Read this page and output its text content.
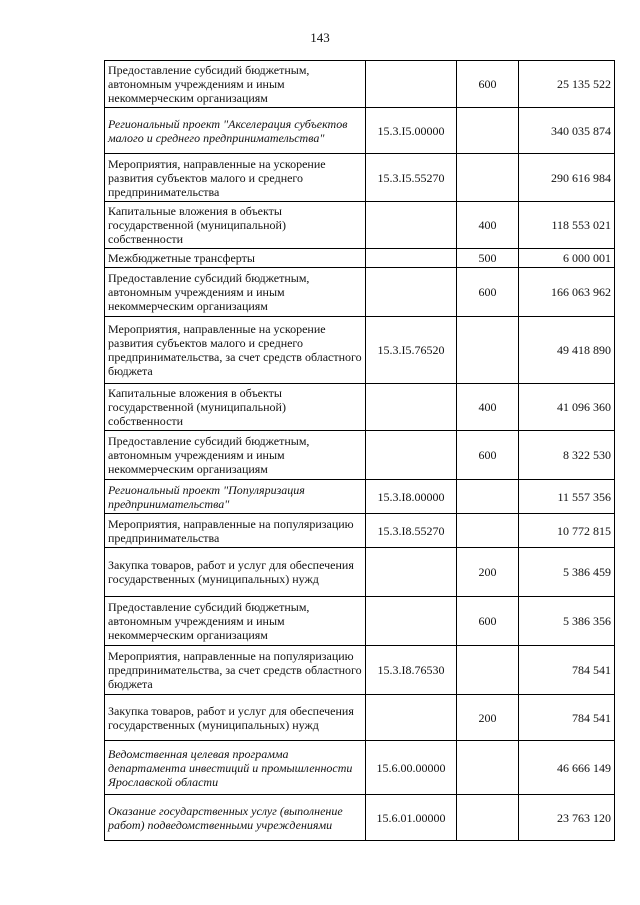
143
Предоставление субсидий бюджетным, автономным учреждениям и иным некоммерческим организациям		600	25 135 522
Региональный проект "Акселерация субъектов малого и среднего предпринимательства"	15.3.I5.00000		340 035 874
Мероприятия, направленные на ускорение развития субъектов малого и среднего предпринимательства	15.3.I5.55270		290 616 984
Капитальные вложения в объекты государственной (муниципальной) собственности		400	118 553 021
Межбюджетные трансферты		500	6 000 001
Предоставление субсидий бюджетным, автономным учреждениям и иным некоммерческим организациям		600	166 063 962
Мероприятия, направленные на ускорение развития субъектов малого и среднего предпринимательства, за счет средств областного бюджета	15.3.I5.76520		49 418 890
Капитальные вложения в объекты государственной (муниципальной) собственности		400	41 096 360
Предоставление субсидий бюджетным, автономным учреждениям и иным некоммерческим организациям		600	8 322 530
Региональный проект "Популяризация предпринимательства"	15.3.I8.00000		11 557 356
Мероприятия, направленные на популяризацию предпринимательства	15.3.I8.55270		10 772 815
Закупка товаров, работ и услуг для обеспечения государственных (муниципальных) нужд		200	5 386 459
Предоставление субсидий бюджетным, автономным учреждениям и иным некоммерческим организациям		600	5 386 356
Мероприятия, направленные на популяризацию предпринимательства, за счет средств областного бюджета	15.3.I8.76530		784 541
Закупка товаров, работ и услуг для обеспечения государственных (муниципальных) нужд		200	784 541
Ведомственная целевая программа департамента инвестиций и промышленности Ярославской области	15.6.00.00000		46 666 149
Оказание государственных услуг (выполнение работ) подведомственными учреждениями	15.6.01.00000		23 763 120
